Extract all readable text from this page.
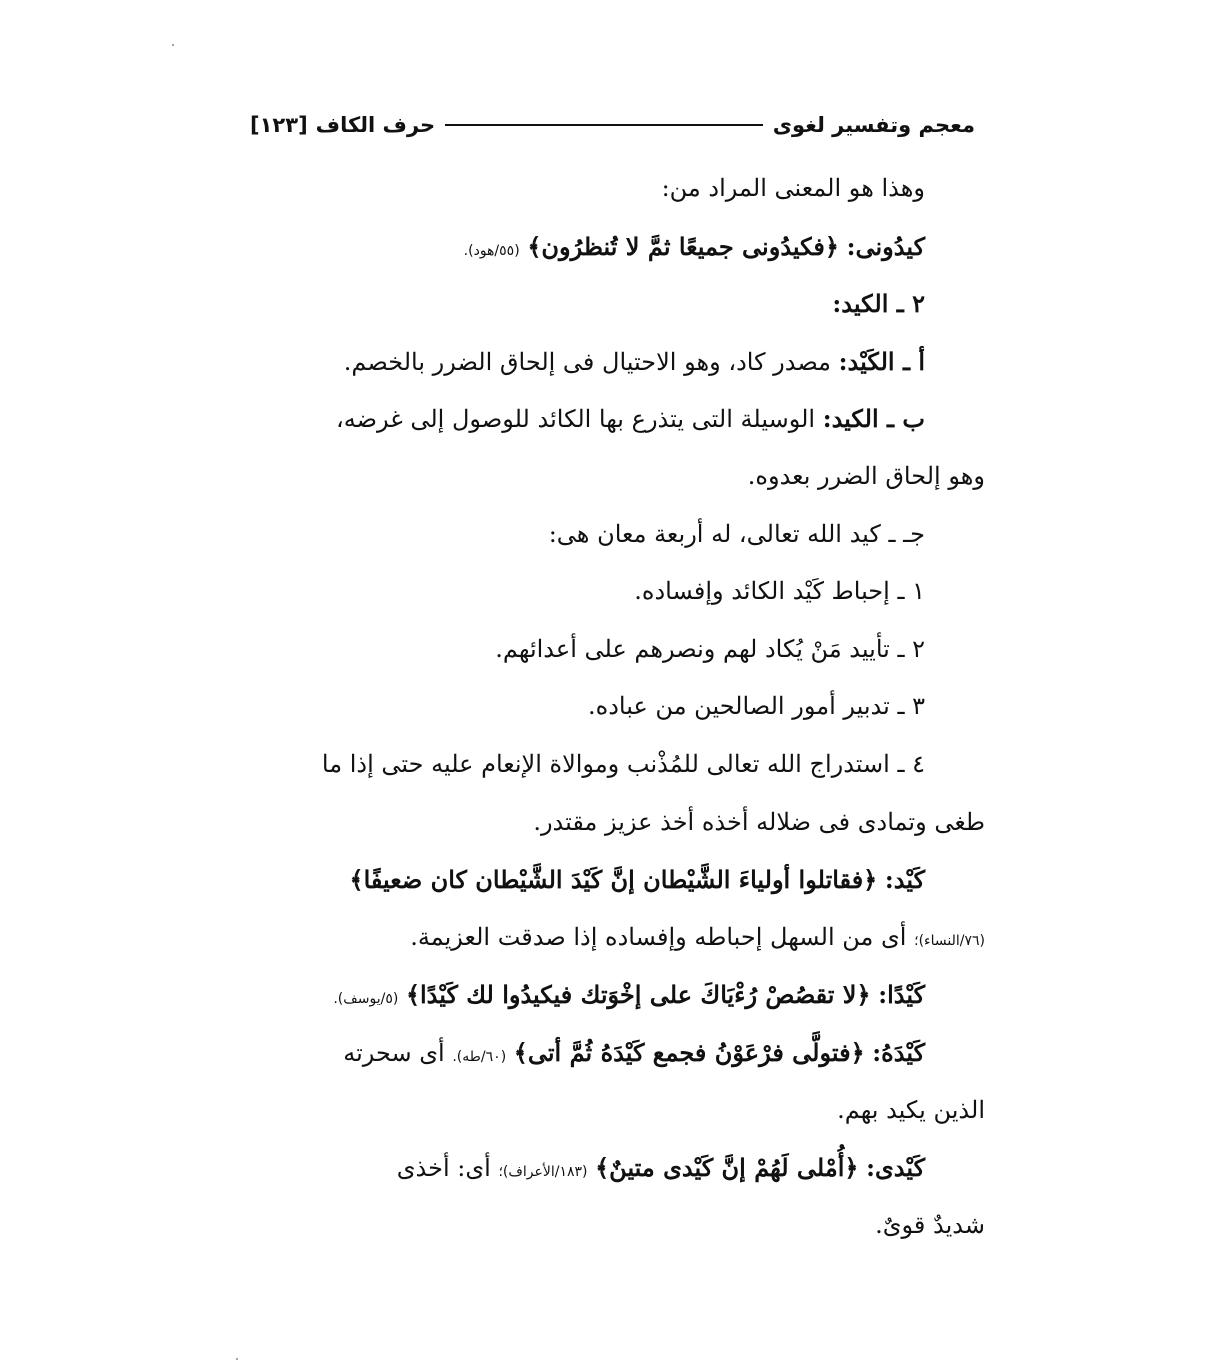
معجم وتفسير لغوى
حرف الكاف
[١٢٣]
وهذا هو المعنى المراد من:
كيدُونى: ﴿فكيدُونى جميعًا ثمَّ لا تُنظرُون﴾ (٥٥/هود).
٢ ـ الكيد:
أ ـ الكَيْد: مصدر كاد، وهو الاحتيال فى إلحاق الضرر بالخصم.
ب ـ الكيد: الوسيلة التى يتذرع بها الكائد للوصول إلى غرضه،
وهو إلحاق الضرر بعدوه.
جـ ـ كيد الله تعالى، له أربعة معان هى:
١ ـ إحباط كَيْد الكائد وإفساده.
٢ ـ تأييد مَنْ يُكاد لهم ونصرهم على أعدائهم.
٣ ـ تدبير أمور الصالحين من عباده.
٤ ـ استدراج الله تعالى للمُذْنب وموالاة الإنعام عليه حتى إذا ما
طغى وتمادى فى ضلاله أخذه أخذ عزيز مقتدر.
كَيْد: ﴿فقاتلوا أولياءَ الشَّيْطان إنَّ كَيْدَ الشَّيْطان كان ضعيفًا﴾
(٧٦/النساء)؛ أى من السهل إحباطه وإفساده إذا صدقت العزيمة.
كَيْدًا: ﴿لا تقصُصْ رُءْيَاكَ على إخْوَتك فيكيدُوا لك كَيْدًا﴾ (٥/يوسف).
كَيْدَهُ: ﴿فتولَّى فرْعَوْنُ فجمع كَيْدَهُ ثُمَّ أتى﴾ (٦٠/طه). أى سحرته
الذين يكيد بهم.
كَيْدى: ﴿أُمْلى لَهُمْ إنَّ كَيْدى متينٌ﴾ (١٨٣/الأعراف)؛ أى: أخذى
شديدٌ قوىٌ.
